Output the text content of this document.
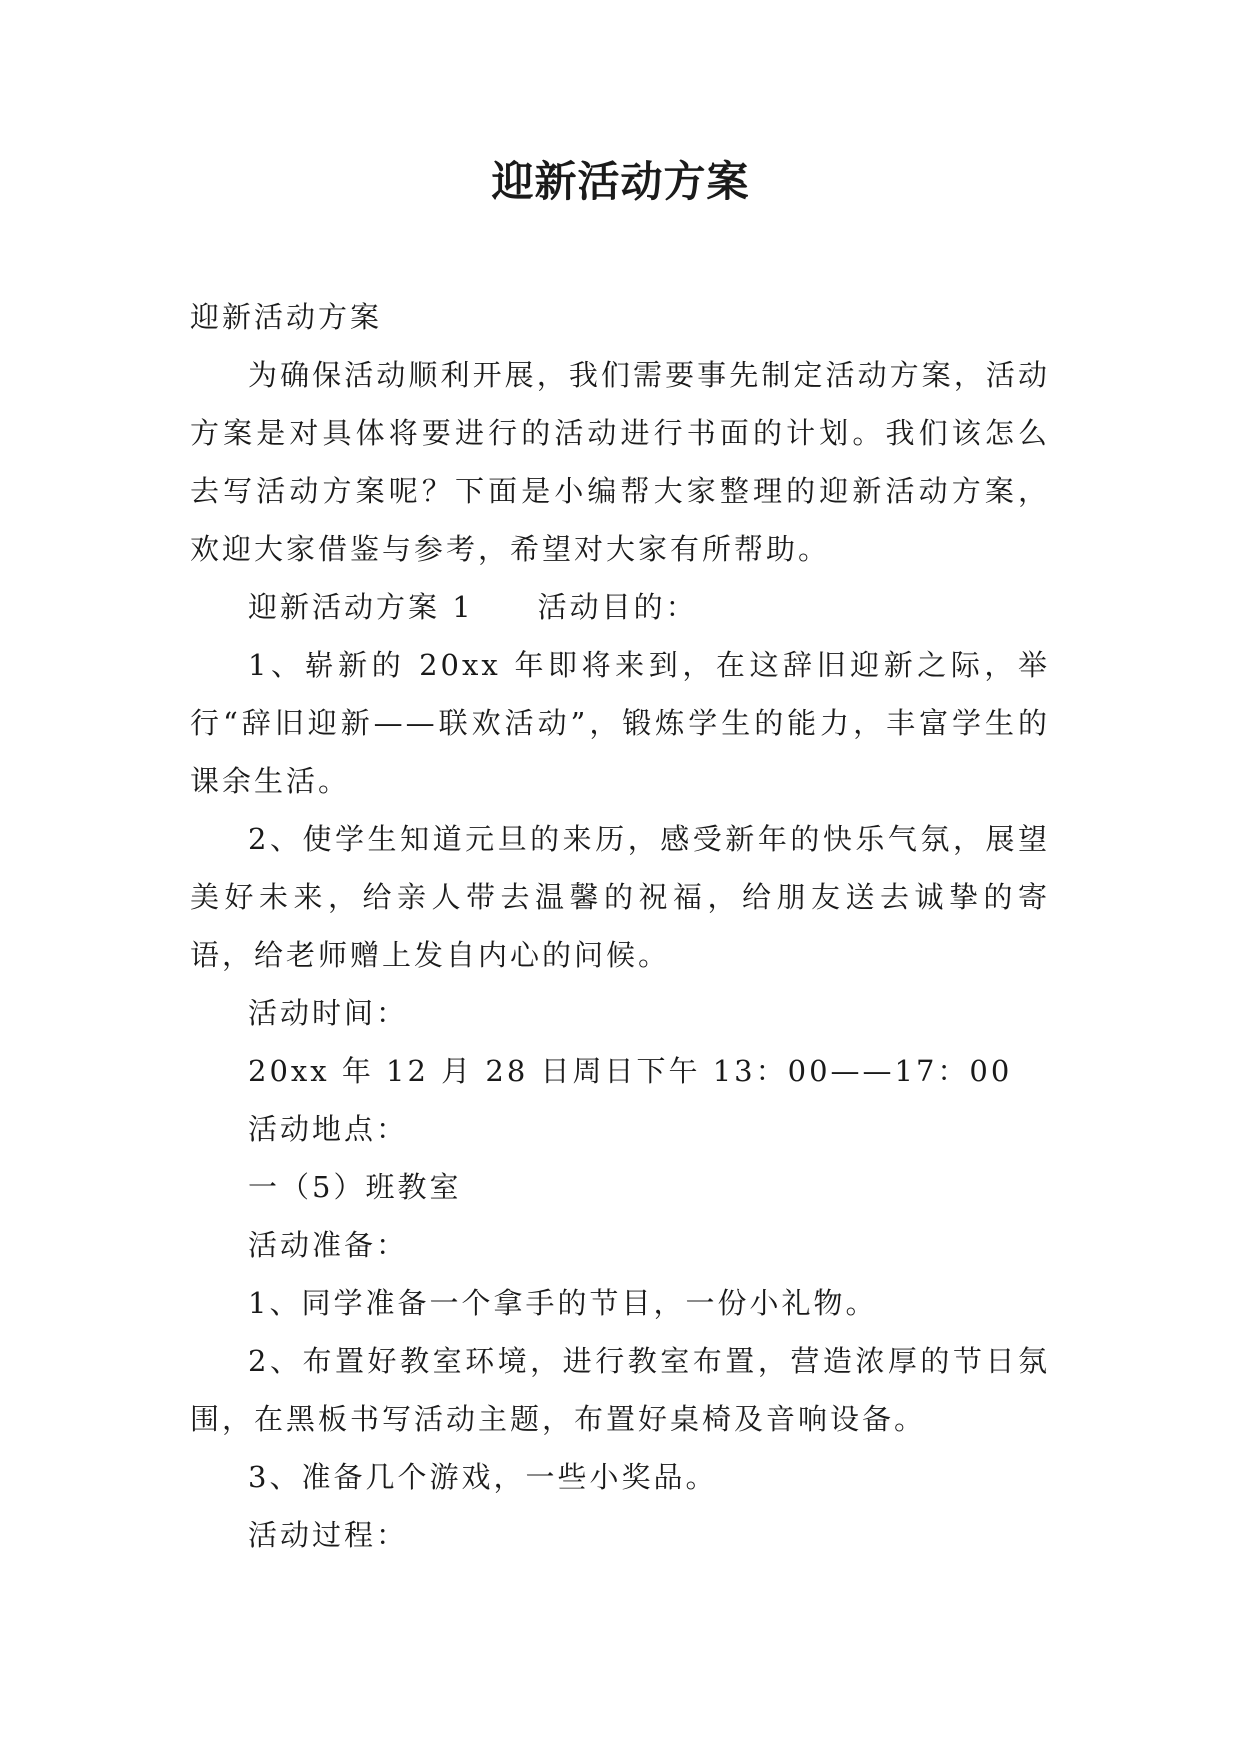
迎新活动方案

迎新活动方案

为确保活动顺利开展，我们需要事先制定活动方案，活动方案是对具体将要进行的活动进行书面的计划。我们该怎么去写活动方案呢？下面是小编帮大家整理的迎新活动方案，欢迎大家借鉴与参考，希望对大家有所帮助。

迎新活动方案 1　　活动目的：

1、崭新的 20xx 年即将来到，在这辞旧迎新之际，举行“辞旧迎新——联欢活动”，锻炼学生的能力，丰富学生的课余生活。

2、使学生知道元旦的来历，感受新年的快乐气氛，展望美好未来，给亲人带去温馨的祝福，给朋友送去诚挚的寄语，给老师赠上发自内心的问候。

活动时间：

20xx 年 12 月 28 日周日下午 13：00——17：00

活动地点：

一（5）班教室

活动准备：

1、同学准备一个拿手的节目，一份小礼物。

2、布置好教室环境，进行教室布置，营造浓厚的节日氛围，在黑板书写活动主题，布置好桌椅及音响设备。

3、准备几个游戏，一些小奖品。

活动过程：
